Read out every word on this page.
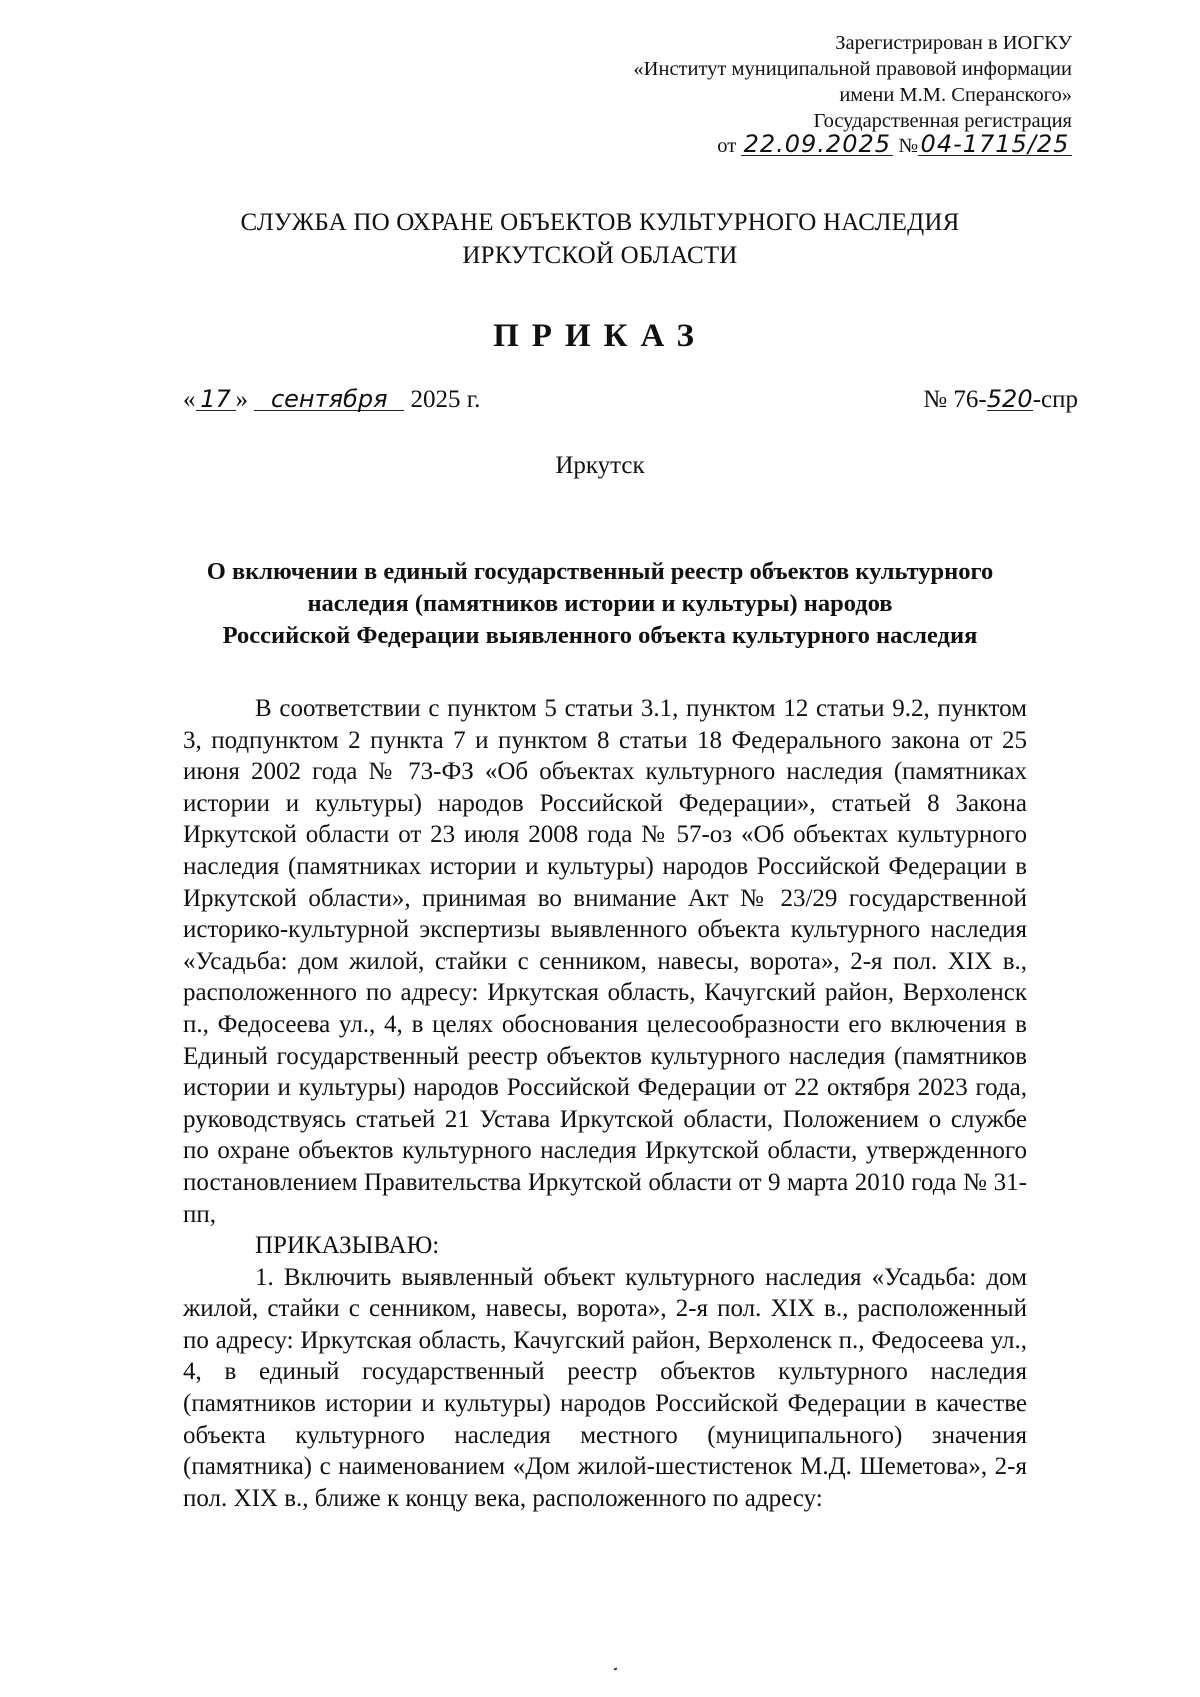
Зарегистрирован в ИОГКУ
«Институт муниципальной правовой информации
имени М.М. Сперанского»
Государственная регистрация
от 22.09.2025 № 04-1715/25
СЛУЖБА ПО ОХРАНЕ ОБЪЕКТОВ КУЛЬТУРНОГО НАСЛЕДИЯ
ИРКУТСКОЙ ОБЛАСТИ
ПРИКАЗ
« 17 » сентября 2025 г.	№ 76-520-спр
Иркутск
О включении в единый государственный реестр объектов культурного
наследия (памятников истории и культуры) народов
Российской Федерации выявленного объекта культурного наследия

В соответствии с пунктом 5 статьи 3.1, пунктом 12 статьи 9.2, пунктом 3, подпунктом 2 пункта 7 и пунктом 8 статьи 18 Федерального закона от 25 июня 2002 года № 73-ФЗ «Об объектах культурного наследия (памятниках истории и культуры) народов Российской Федерации», статьей 8 Закона Иркутской области от 23 июля 2008 года № 57-оз «Об объектах культурного наследия (памятниках истории и культуры) народов Российской Федерации в Иркутской области», принимая во внимание Акт № 23/29 государственной историко-культурной экспертизы выявленного объекта культурного наследия «Усадьба: дом жилой, стайки с сенником, навесы, ворота», 2-я пол. XIX в., расположенного по адресу: Иркутская область, Качугский район, Верхоленск п., Федосеева ул., 4, в целях обоснования целесообразности его включения в Единый государственный реестр объектов культурного наследия (памятников истории и культуры) народов Российской Федерации от 22 октября 2023 года, руководствуясь статьей 21 Устава Иркутской области, Положением о службе по охране объектов культурного наследия Иркутской области, утвержденного постановлением Правительства Иркутской области от 9 марта 2010 года № 31-пп,

ПРИКАЗЫВАЮ:

1. Включить выявленный объект культурного наследия «Усадьба: дом жилой, стайки с сенником, навесы, ворота», 2-я пол. XIX в., расположенный по адресу: Иркутская область, Качугский район, Верхоленск п., Федосеева ул., 4, в единый государственный реестр объектов культурного наследия (памятников истории и культуры) народов Российской Федерации в качестве объекта культурного наследия местного (муниципального) значения (памятника) с наименованием «Дом жилой-шестистенок М.Д. Шеметова», 2-я пол. XIX в., ближе к концу века, расположенного по адресу:
